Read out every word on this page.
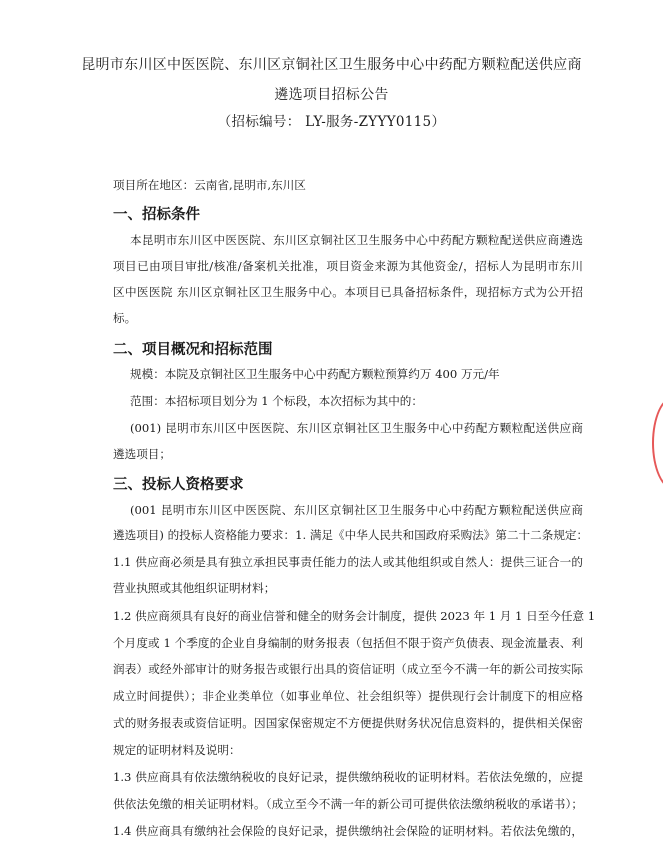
昆明市东川区中医医院、东川区京铜社区卫生服务中心中药配方颗粒配送供应商
遴选项目招标公告
（招标编号： LY-服务-ZYYY0115）
项目所在地区：云南省,昆明市,东川区
一、招标条件
本昆明市东川区中医医院、东川区京铜社区卫生服务中心中药配方颗粒配送供应商遴选
项目已由项目审批/核准/备案机关批准，项目资金来源为其他资金/，招标人为昆明市东川
区中医医院 东川区京铜社区卫生服务中心。本项目已具备招标条件，现招标方式为公开招
标。
二、项目概况和招标范围
规模：本院及京铜社区卫生服务中心中药配方颗粒预算约万 400 万元/年
范围：本招标项目划分为 1 个标段，本次招标为其中的：
(001) 昆明市东川区中医医院、东川区京铜社区卫生服务中心中药配方颗粒配送供应商
遴选项目；
三、投标人资格要求
(001 昆明市东川区中医医院、东川区京铜社区卫生服务中心中药配方颗粒配送供应商
遴选项目) 的投标人资格能力要求：1. 满足《中华人民共和国政府采购法》第二十二条规定：
1.1 供应商必须是具有独立承担民事责任能力的法人或其他组织或自然人：提供三证合一的
营业执照或其他组织证明材料；
1.2 供应商须具有良好的商业信誉和健全的财务会计制度，提供 2023 年 1 月 1 日至今任意 1
个月度或 1 个季度的企业自身编制的财务报表（包括但不限于资产负债表、现金流量表、利
润表）或经外部审计的财务报告或银行出具的资信证明（成立至今不满一年的新公司按实际
成立时间提供）；非企业类单位（如事业单位、社会组织等）提供现行会计制度下的相应格
式的财务报表或资信证明。因国家保密规定不方便提供财务状况信息资料的，提供相关保密
规定的证明材料及说明：
1.3 供应商具有依法缴纳税收的良好记录，提供缴纳税收的证明材料。若依法免缴的，应提
供依法免缴的相关证明材料。（成立至今不满一年的新公司可提供依法缴纳税收的承诺书）；
1.4 供应商具有缴纳社会保险的良好记录，提供缴纳社会保险的证明材料。若依法免缴的，
